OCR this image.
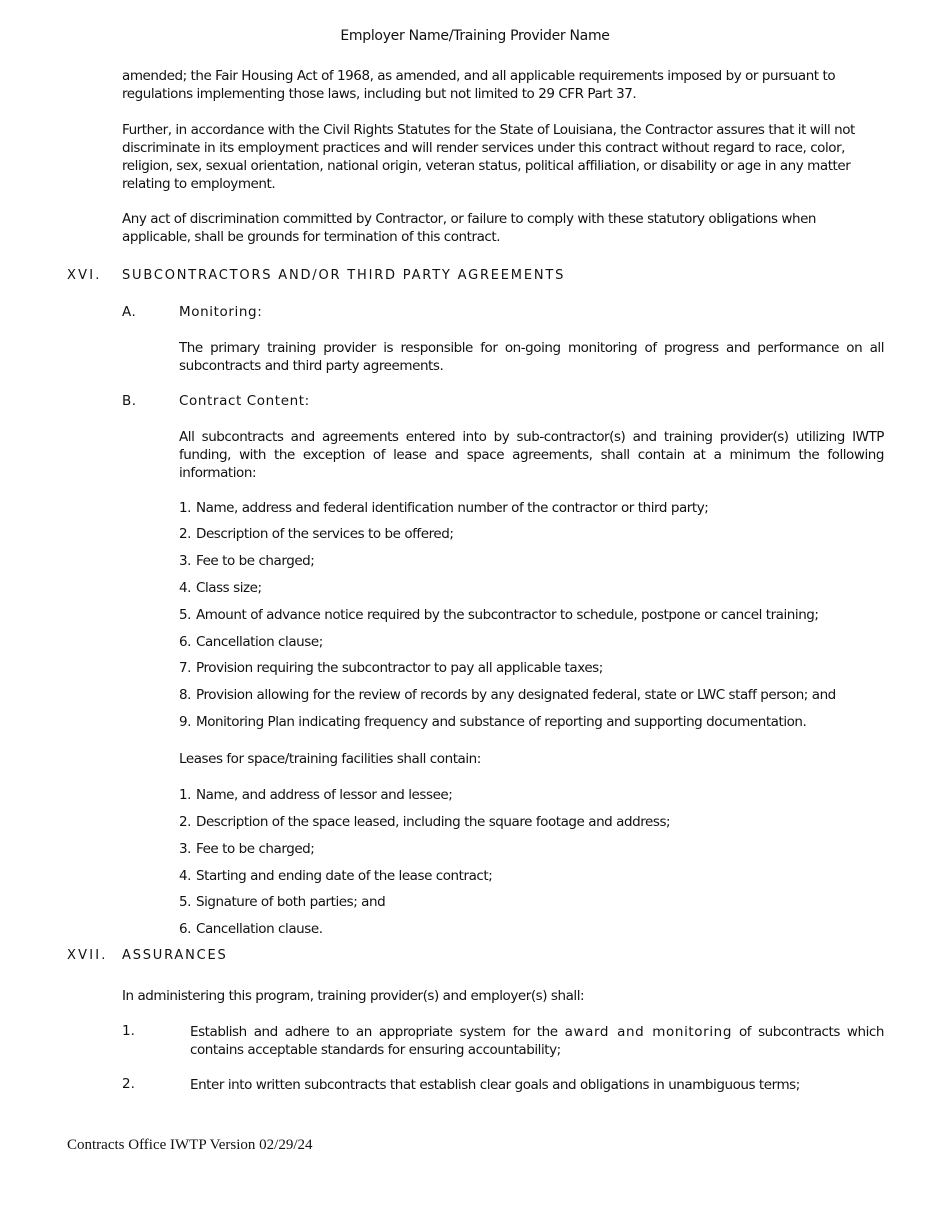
Employer Name/Training Provider Name
amended; the Fair Housing Act of 1968, as amended, and all applicable requirements imposed by or pursuant to regulations implementing those laws, including but not limited to 29 CFR Part 37.
Further, in accordance with the Civil Rights Statutes for the State of Louisiana, the Contractor assures that it will not discriminate in its employment practices and will render services under this contract without regard to race, color, religion, sex, sexual orientation, national origin, veteran status, political affiliation, or disability or age in any matter relating to employment.
Any act of discrimination committed by Contractor, or failure to comply with these statutory obligations when applicable, shall be grounds for termination of this contract.
XVI. SUBCONTRACTORS AND/OR THIRD PARTY AGREEMENTS
A.	Monitoring:
The primary training provider is responsible for on-going monitoring of progress and performance on all subcontracts and third party agreements.
B.	Contract Content:
All subcontracts and agreements entered into by sub-contractor(s) and training provider(s) utilizing IWTP funding, with the exception of lease and space agreements, shall contain at a minimum the following information:
1. Name, address and federal identification number of the contractor or third party;
2. Description of the services to be offered;
3. Fee to be charged;
4. Class size;
5. Amount of advance notice required by the subcontractor to schedule, postpone or cancel training;
6. Cancellation clause;
7. Provision requiring the subcontractor to pay all applicable taxes;
8. Provision allowing for the review of records by any designated federal, state or LWC staff person; and
9. Monitoring Plan indicating frequency and substance of reporting and supporting documentation.
Leases for space/training facilities shall contain:
1. Name, and address of lessor and lessee;
2. Description of the space leased, including the square footage and address;
3. Fee to be charged;
4. Starting and ending date of the lease contract;
5. Signature of both parties; and
6. Cancellation clause.
XVII. ASSURANCES
In administering this program, training provider(s) and employer(s) shall:
1.	Establish and adhere to an appropriate system for the award and monitoring of subcontracts which contains acceptable standards for ensuring accountability;
2.	Enter into written subcontracts that establish clear goals and obligations in unambiguous terms;
Contracts Office IWTP Version 02/29/24
